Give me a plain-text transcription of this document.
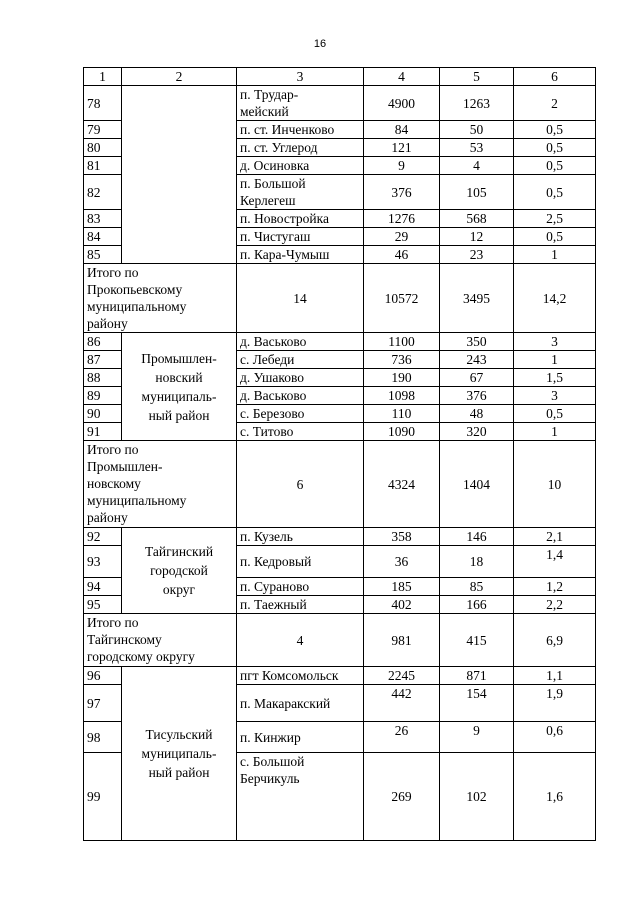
16
1	2	3	4	5	6
78		п. Трудар-
мейский	4900	1263	2
79		п. ст. Инченково	84	50	0,5
80		п. ст. Углерод	121	53	0,5
81		д. Осиновка	9	4	0,5
82		п. Большой
Керлегеш	376	105	0,5
83		п. Новостройка	1276	568	2,5
84		п. Чистугаш	29	12	0,5
85		п. Кара-Чумыш	46	23	1
Итого по
Прокопьевскому
муниципальному
району		14	10572	3495	14,2
86	Промышлен-
новский
муниципаль-
ный район	д. Васьково	1100	350	3
87		с. Лебеди	736	243	1
88		д. Ушаково	190	67	1,5
89		д. Васьково	1098	376	3
90		с. Березово	110	48	0,5
91		с. Титово	1090	320	1
Итого по
Промышлен-
новскому
муниципальному
району		6	4324	1404	10
92	Тайгинский
городской
округ	п. Кузель	358	146	2,1
93		п. Кедровый	36	18	1,4
94		п. Сураново	185	85	1,2
95		п. Таежный	402	166	2,2
Итого по
Тайгинскому
городскому округу		4	981	415	6,9
96	Тисульский
муниципаль-
ный район	пгт Комсомольск	2245	871	1,1
97		п. Макаракский	442	154	1,9
98		п. Кинжир	26	9	0,6
99		с. Большой
Берчикуль	269	102	1,6
